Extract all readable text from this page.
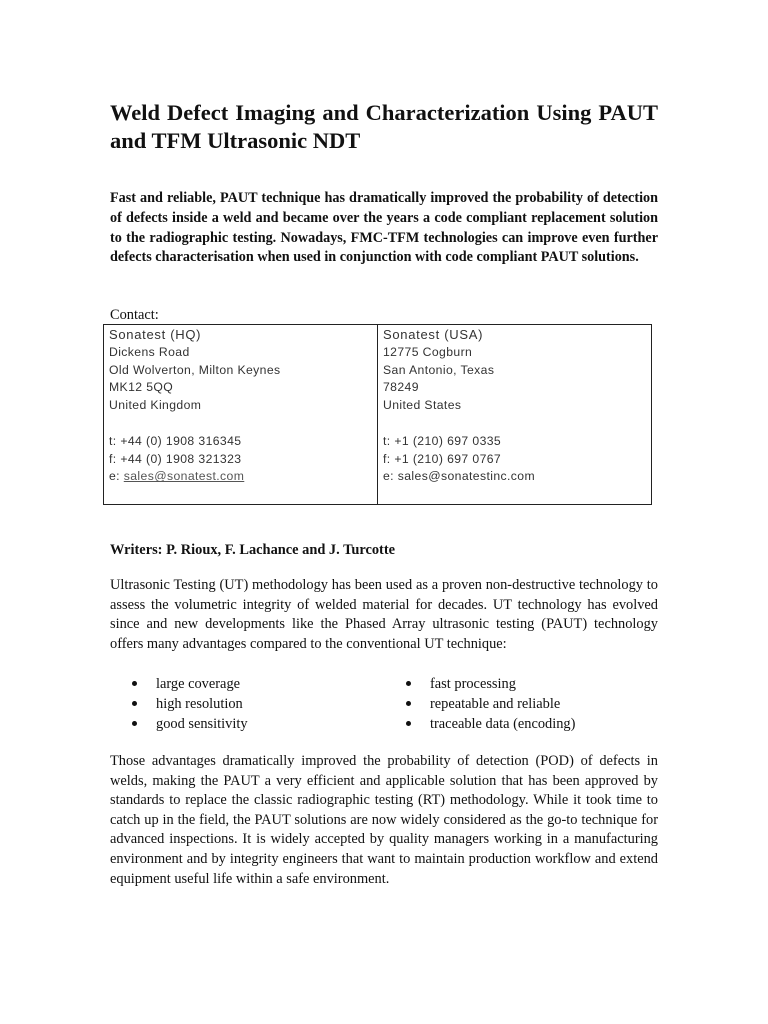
Weld Defect Imaging and Characterization Using PAUT and TFM Ultrasonic NDT

Fast and reliable, PAUT technique has dramatically improved the probability of detection of defects inside a weld and became over the years a code compliant replacement solution to the radiographic testing. Nowadays, FMC-TFM technologies can improve even further defects characterisation when used in conjunction with code compliant PAUT solutions.

Contact:

Sonatest (HQ)
Dickens Road
Old Wolverton, Milton Keynes
MK12 5QQ
United Kingdom
t: +44 (0) 1908 316345
f: +44 (0) 1908 321323
e: sales@sonatest.com
Sonatest (USA)
12775 Cogburn
San Antonio, Texas
78249
United States
t: +1 (210) 697 0335
f: +1 (210) 697 0767
e: sales@sonatestinc.com

Writers: P. Rioux, F. Lachance and J. Turcotte

Ultrasonic Testing (UT) methodology has been used as a proven non-destructive technology to assess the volumetric integrity of welded material for decades. UT technology has evolved since and new developments like the Phased Array ultrasonic testing (PAUT) technology offers many advantages compared to the conventional UT technique:

large coverage	fast processing
high resolution	repeatable and reliable
good sensitivity	traceable data (encoding)

Those advantages dramatically improved the probability of detection (POD) of defects in welds, making the PAUT a very efficient and applicable solution that has been approved by standards to replace the classic radiographic testing (RT) methodology. While it took time to catch up in the field, the PAUT solutions are now widely considered as the go-to technique for advanced inspections. It is widely accepted by quality managers working in a manufacturing environment and by integrity engineers that want to maintain production workflow and extend equipment useful life within a safe environment.
